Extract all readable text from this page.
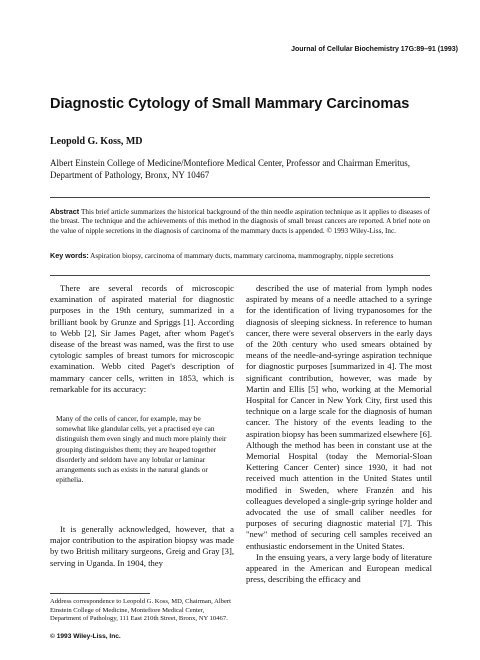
Journal of Cellular Biochemistry 17G:89–91 (1993)
Diagnostic Cytology of Small Mammary Carcinomas
Leopold G. Koss, MD
Albert Einstein College of Medicine/Montefiore Medical Center, Professor and Chairman Emeritus, Department of Pathology, Bronx, NY 10467
Abstract This brief article summarizes the historical background of the thin needle aspiration technique as it applies to diseases of the breast. The technique and the achievements of this method in the diagnosis of small breast cancers are reported. A brief note on the value of nipple secretions in the diagnosis of carcinoma of the mammary ducts is appended. © 1993 Wiley-Liss, Inc.
Key words: Aspiration biopsy, carcinoma of mammary ducts, mammary carcinoma, mammography, nipple secretions

There are several records of microscopic examination of aspirated material for diagnostic purposes in the 19th century, summarized in a brilliant book by Grunze and Spriggs [1]. According to Webb [2], Sir James Paget, after whom Paget's disease of the breast was named, was the first to use cytologic samples of breast tumors for microscopic examination. Webb cited Paget's description of mammary cancer cells, written in 1853, which is remarkable for its accuracy:

Many of the cells of cancer, for example, may be somewhat like glandular cells, yet a practised eye can distinguish them even singly and much more plainly their grouping distinguishes them; they are heaped together disorderly and seldom have any lobular or laminar arrangements such as exists in the natural glands or epithelia.

It is generally acknowledged, however, that a major contribution to the aspiration biopsy was made by two British military surgeons, Greig and Gray [3], serving in Uganda. In 1904, they

Address correspondence to Leopold G. Koss, MD, Chairman, Albert Einstein College of Medicine, Montefiore Medical Center, Department of Pathology, 111 East 210th Street, Bronx, NY 10467.
© 1993 Wiley-Liss, Inc.

described the use of material from lymph nodes aspirated by means of a needle attached to a syringe for the identification of living trypanosomes for the diagnosis of sleeping sickness. In reference to human cancer, there were several observers in the early days of the 20th century who used smears obtained by means of the needle-and-syringe aspiration technique for diagnostic purposes [summarized in 4]. The most significant contribution, however, was made by Martin and Ellis [5] who, working at the Memorial Hospital for Cancer in New York City, first used this technique on a large scale for the diagnosis of human cancer. The history of the events leading to the aspiration biopsy has been summarized elsewhere [6]. Although the method has been in constant use at the Memorial Hospital (today the Memorial-Sloan Kettering Cancer Center) since 1930, it had not received much attention in the United States until modified in Sweden, where Franzén and his colleagues developed a single-grip syringe holder and advocated the use of small caliber needles for purposes of securing diagnostic material [7]. This "new" method of securing cell samples received an enthusiastic endorsement in the United States.

In the ensuing years, a very large body of literature appeared in the American and European medical press, describing the efficacy and
